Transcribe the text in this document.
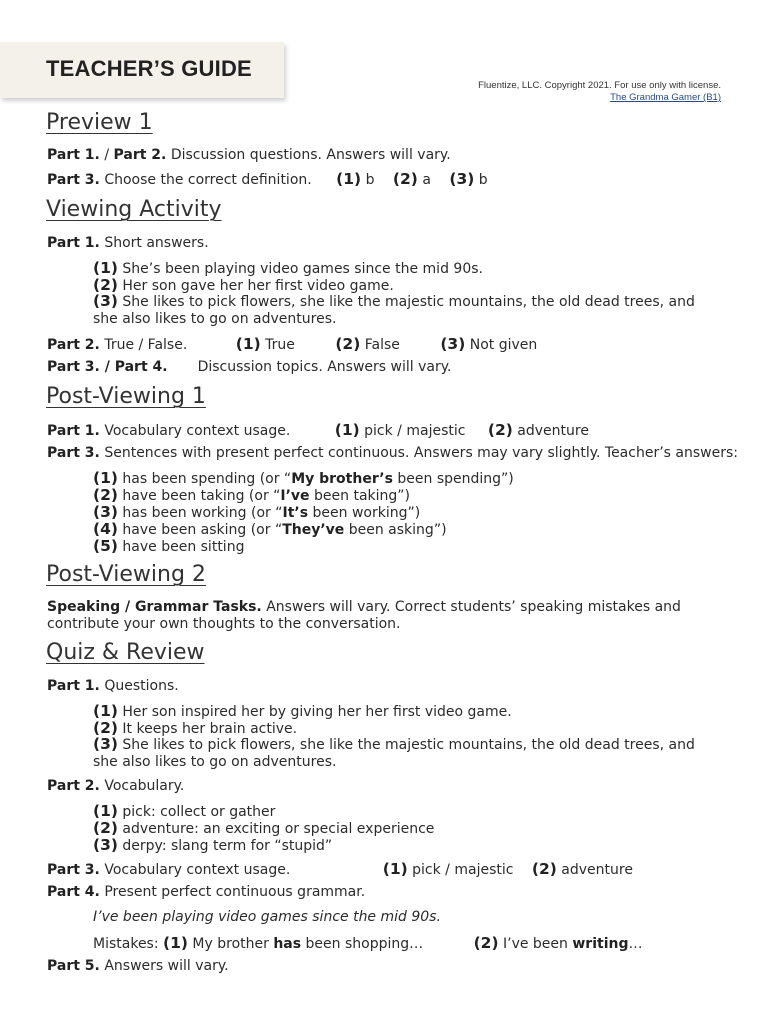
TEACHER’S GUIDE
Fluentize, LLC. Copyright 2021. For use only with license.
The Grandma Gamer (B1)
Preview 1
Part 1. / Part 2. Discussion questions. Answers will vary.
Part 3. Choose the correct definition. (1) b (2) a (3) b
Viewing Activity
Part 1. Short answers.
(1) She’s been playing video games since the mid 90s.
(2) Her son gave her her first video game.
(3) She likes to pick flowers, she like the majestic mountains, the old dead trees, and she also likes to go on adventures.
Part 2. True / False.	(1) True	(2) False	(3) Not given
Part 3. / Part 4. Discussion topics. Answers will vary.
Post-Viewing 1
Part 1. Vocabulary context usage.	(1) pick / majestic (2) adventure
Part 3. Sentences with present perfect continuous. Answers may vary slightly. Teacher’s answers:
(1) has been spending (or “My brother’s been spending”)
(2) have been taking (or “I’ve been taking”)
(3) has been working (or “It’s been working”)
(4) have been asking (or “They’ve been asking”)
(5) have been sitting
Post-Viewing 2
Speaking / Grammar Tasks. Answers will vary. Correct students’ speaking mistakes and contribute your own thoughts to the conversation.
Quiz & Review
Part 1. Questions.
(1) Her son inspired her by giving her her first video game.
(2) It keeps her brain active.
(3) She likes to pick flowers, she like the majestic mountains, the old dead trees, and she also likes to go on adventures.
Part 2. Vocabulary.
(1) pick: collect or gather
(2) adventure: an exciting or special experience
(3) derpy: slang term for “stupid”
Part 3. Vocabulary context usage.	(1) pick / majestic (2) adventure
Part 4. Present perfect continuous grammar.
I’ve been playing video games since the mid 90s.
Mistakes: (1) My brother has been shopping…	(2) I’ve been writing…
Part 5. Answers will vary.
